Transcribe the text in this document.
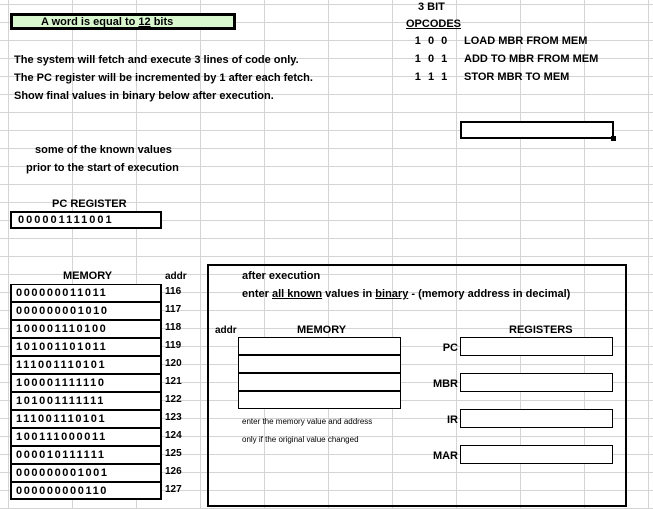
A word is equal to 12 bits
3 BIT
OPCODES
1 0 0 LOAD MBR FROM MEM
1 0 1 ADD TO MBR FROM MEM
1 1 1 STOR MBR TO MEM
The system will fetch and execute 3 lines of code only.
The PC register will be incremented by 1 after each fetch.
Show final values in binary below after execution.
some of the known values
prior to the start of execution
PC REGISTER
000001111001
MEMORY	addr
000000011011	116
000000001010	117
100001110100	118
101001101011	119
111001110101	120
100001111110	121
101001111111	122
111001110101	123
100111000011	124
000010111111	125
000000001001	126
000000000110	127
after execution
enter all known values in binary - (memory address in decimal)
addr	MEMORY	REGISTERS
enter the memory value and address
only if the original value changed
PC
MBR
IR
MAR
